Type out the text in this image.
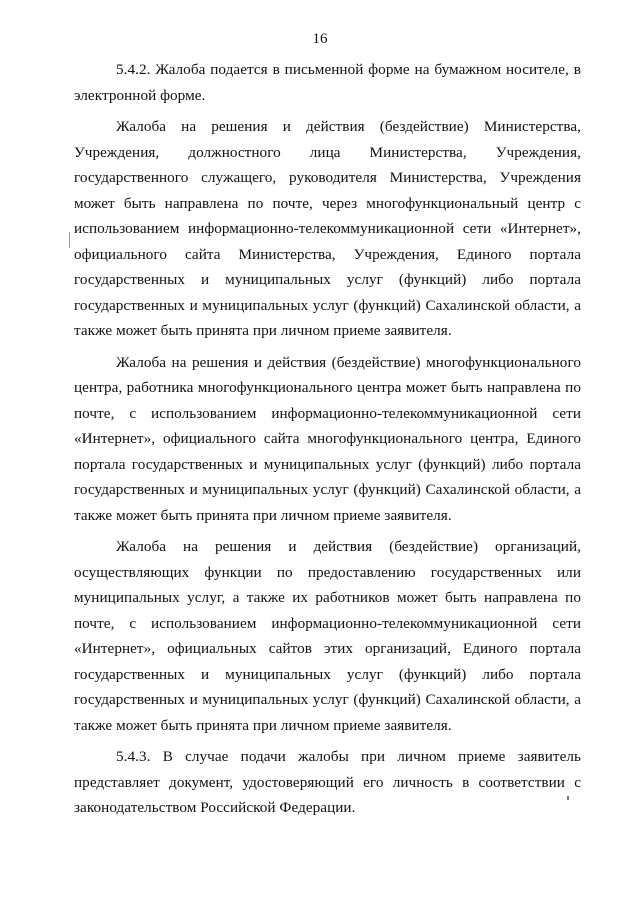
16

5.4.2. Жалоба подается в письменной форме на бумажном носителе, в электронной форме.

Жалоба на решения и действия (бездействие) Министерства, Учреждения, должностного лица Министерства, Учреждения, государственного служащего, руководителя Министерства, Учреждения может быть направлена по почте, через многофункциональный центр с использованием информационно-телекоммуникационной сети «Интернет», официального сайта Министерства, Учреждения, Единого портала государственных и муниципальных услуг (функций) либо портала государственных и муниципальных услуг (функций) Сахалинской области, а также может быть принята при личном приеме заявителя.

Жалоба на решения и действия (бездействие) многофункционального центра, работника многофункционального центра может быть направлена по почте, с использованием информационно-телекоммуникационной сети «Интернет», официального сайта многофункционального центра, Единого портала государственных и муниципальных услуг (функций) либо портала государственных и муниципальных услуг (функций) Сахалинской области, а также может быть принята при личном приеме заявителя.

Жалоба на решения и действия (бездействие) организаций, осуществляющих функции по предоставлению государственных или муниципальных услуг, а также их работников может быть направлена по почте, с использованием информационно-телекоммуникационной сети «Интернет», официальных сайтов этих организаций, Единого портала государственных и муниципальных услуг (функций) либо портала государственных и муниципальных услуг (функций) Сахалинской области, а также может быть принята при личном приеме заявителя.

5.4.3. В случае подачи жалобы при личном приеме заявитель представляет документ, удостоверяющий его личность в соответствии с законодательством Российской Федерации.
